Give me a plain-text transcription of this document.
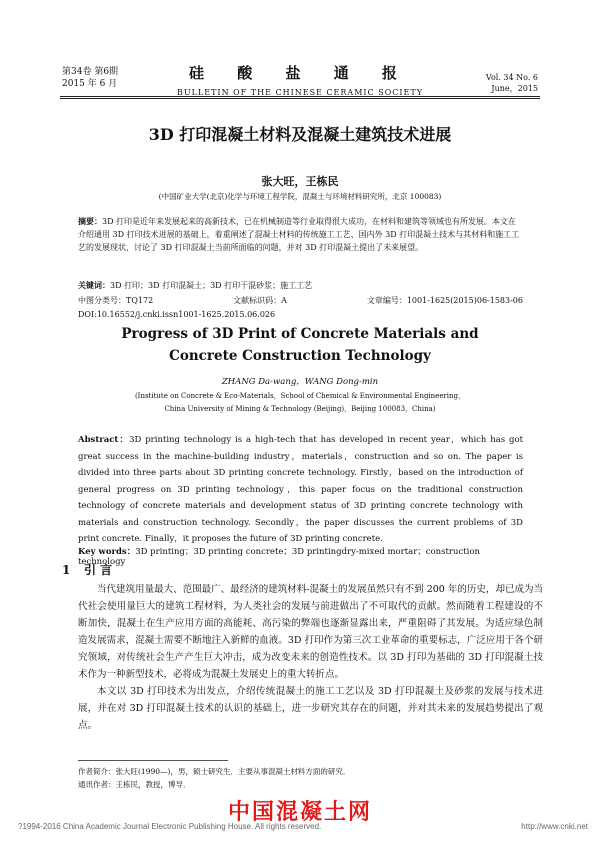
第34卷 第6期
2015 年 6 月
硅 酸 盐 通 报
BULLETIN OF THE CHINESE CERAMIC SOCIETY
Vol. 34 No. 6
June，2015
3D 打印混凝土材料及混凝土建筑技术进展
张大旺，王栋民
(中国矿业大学(北京)化学与环境工程学院，混凝土与环境材料研究所，北京 100083)
摘要：3D 打印是近年来发展起来的高新技术，已在机械制造等行业取得很大成功，在材料和建筑等领域也有所发展。本文在介绍通用 3D 打印技术进展的基础上，着重阐述了混凝土材料的传统施工工艺、国内外 3D 打印混凝土技术与其材料和施工工艺的发展现状，讨论了 3D 打印混凝土当前所面临的问题，并对 3D 打印混凝土提出了未来展望。
关键词：3D 打印；3D 打印混凝土；3D 打印干混砂浆；施工工艺
中图分类号：TQ172	文献标识码：A	文章编号：1001-1625(2015)06-1583-06
DOI:10.16552/j.cnki.issn1001-1625.2015.06.026
Progress of 3D Print of Concrete Materials and
Concrete Construction Technology
ZHANG Da-wang，WANG Dong-min
(Institute on Concrete & Eco-Materials，School of Chemical & Environmental Engineering，
China University of Mining & Technology (Beijing)，Beijing 100083，China)
Abstract：3D printing technology is a high-tech that has developed in recent year，which has got great success in the machine-building industry，materials，construction and so on. The paper is divided into three parts about 3D printing concrete technology. Firstly，based on the introduction of general progress on 3D printing technology，this paper focus on the traditional construction technology of concrete materials and development status of 3D printing concrete technology with materials and construction technology. Secondly，the paper discusses the current problems of 3D print concrete. Finally，it proposes the future of 3D printing concrete.
Key words：3D printing；3D printing concrete；3D printingdry-mixed mortar；construction technology
1 引 言

当代建筑用量最大、范围最广、最经济的建筑材料-混凝土的发展虽然只有不到 200 年的历史，却已成为当代社会使用量巨大的建筑工程材料，为人类社会的发展与前进做出了不可取代的贡献。然而随着工程建设的不断加快，混凝土在生产应用方面的高能耗、高污染的弊端也逐渐显露出来，严重阻碍了其发展。为适应绿色制造发展需求，混凝土需要不断地注入新鲜的血液。3D 打印作为第三次工业革命的重要标志，广泛应用于各个研究领域，对传统社会生产产生巨大冲击，成为改变未来的创造性技术。以 3D 打印为基础的 3D 打印混凝土技术作为一种新型技术，必将成为混凝土发展史上的重大转折点。

本文以 3D 打印技术为出发点，介绍传统混凝土的施工工艺以及 3D 打印混凝土及砂浆的发展与技术进展，并在对 3D 打印混凝土技术的认识的基础上，进一步研究其存在的问题，并对其未来的发展趋势提出了观点。

作者简介：张大旺(1990—)，男，硕士研究生．主要从事混凝土材料方面的研究．
通讯作者：王栋民，教授，博导．
中国混凝土网
?1994-2016 China Academic Journal Electronic Publishing House. All rights reserved.	http://www.cnki.net
